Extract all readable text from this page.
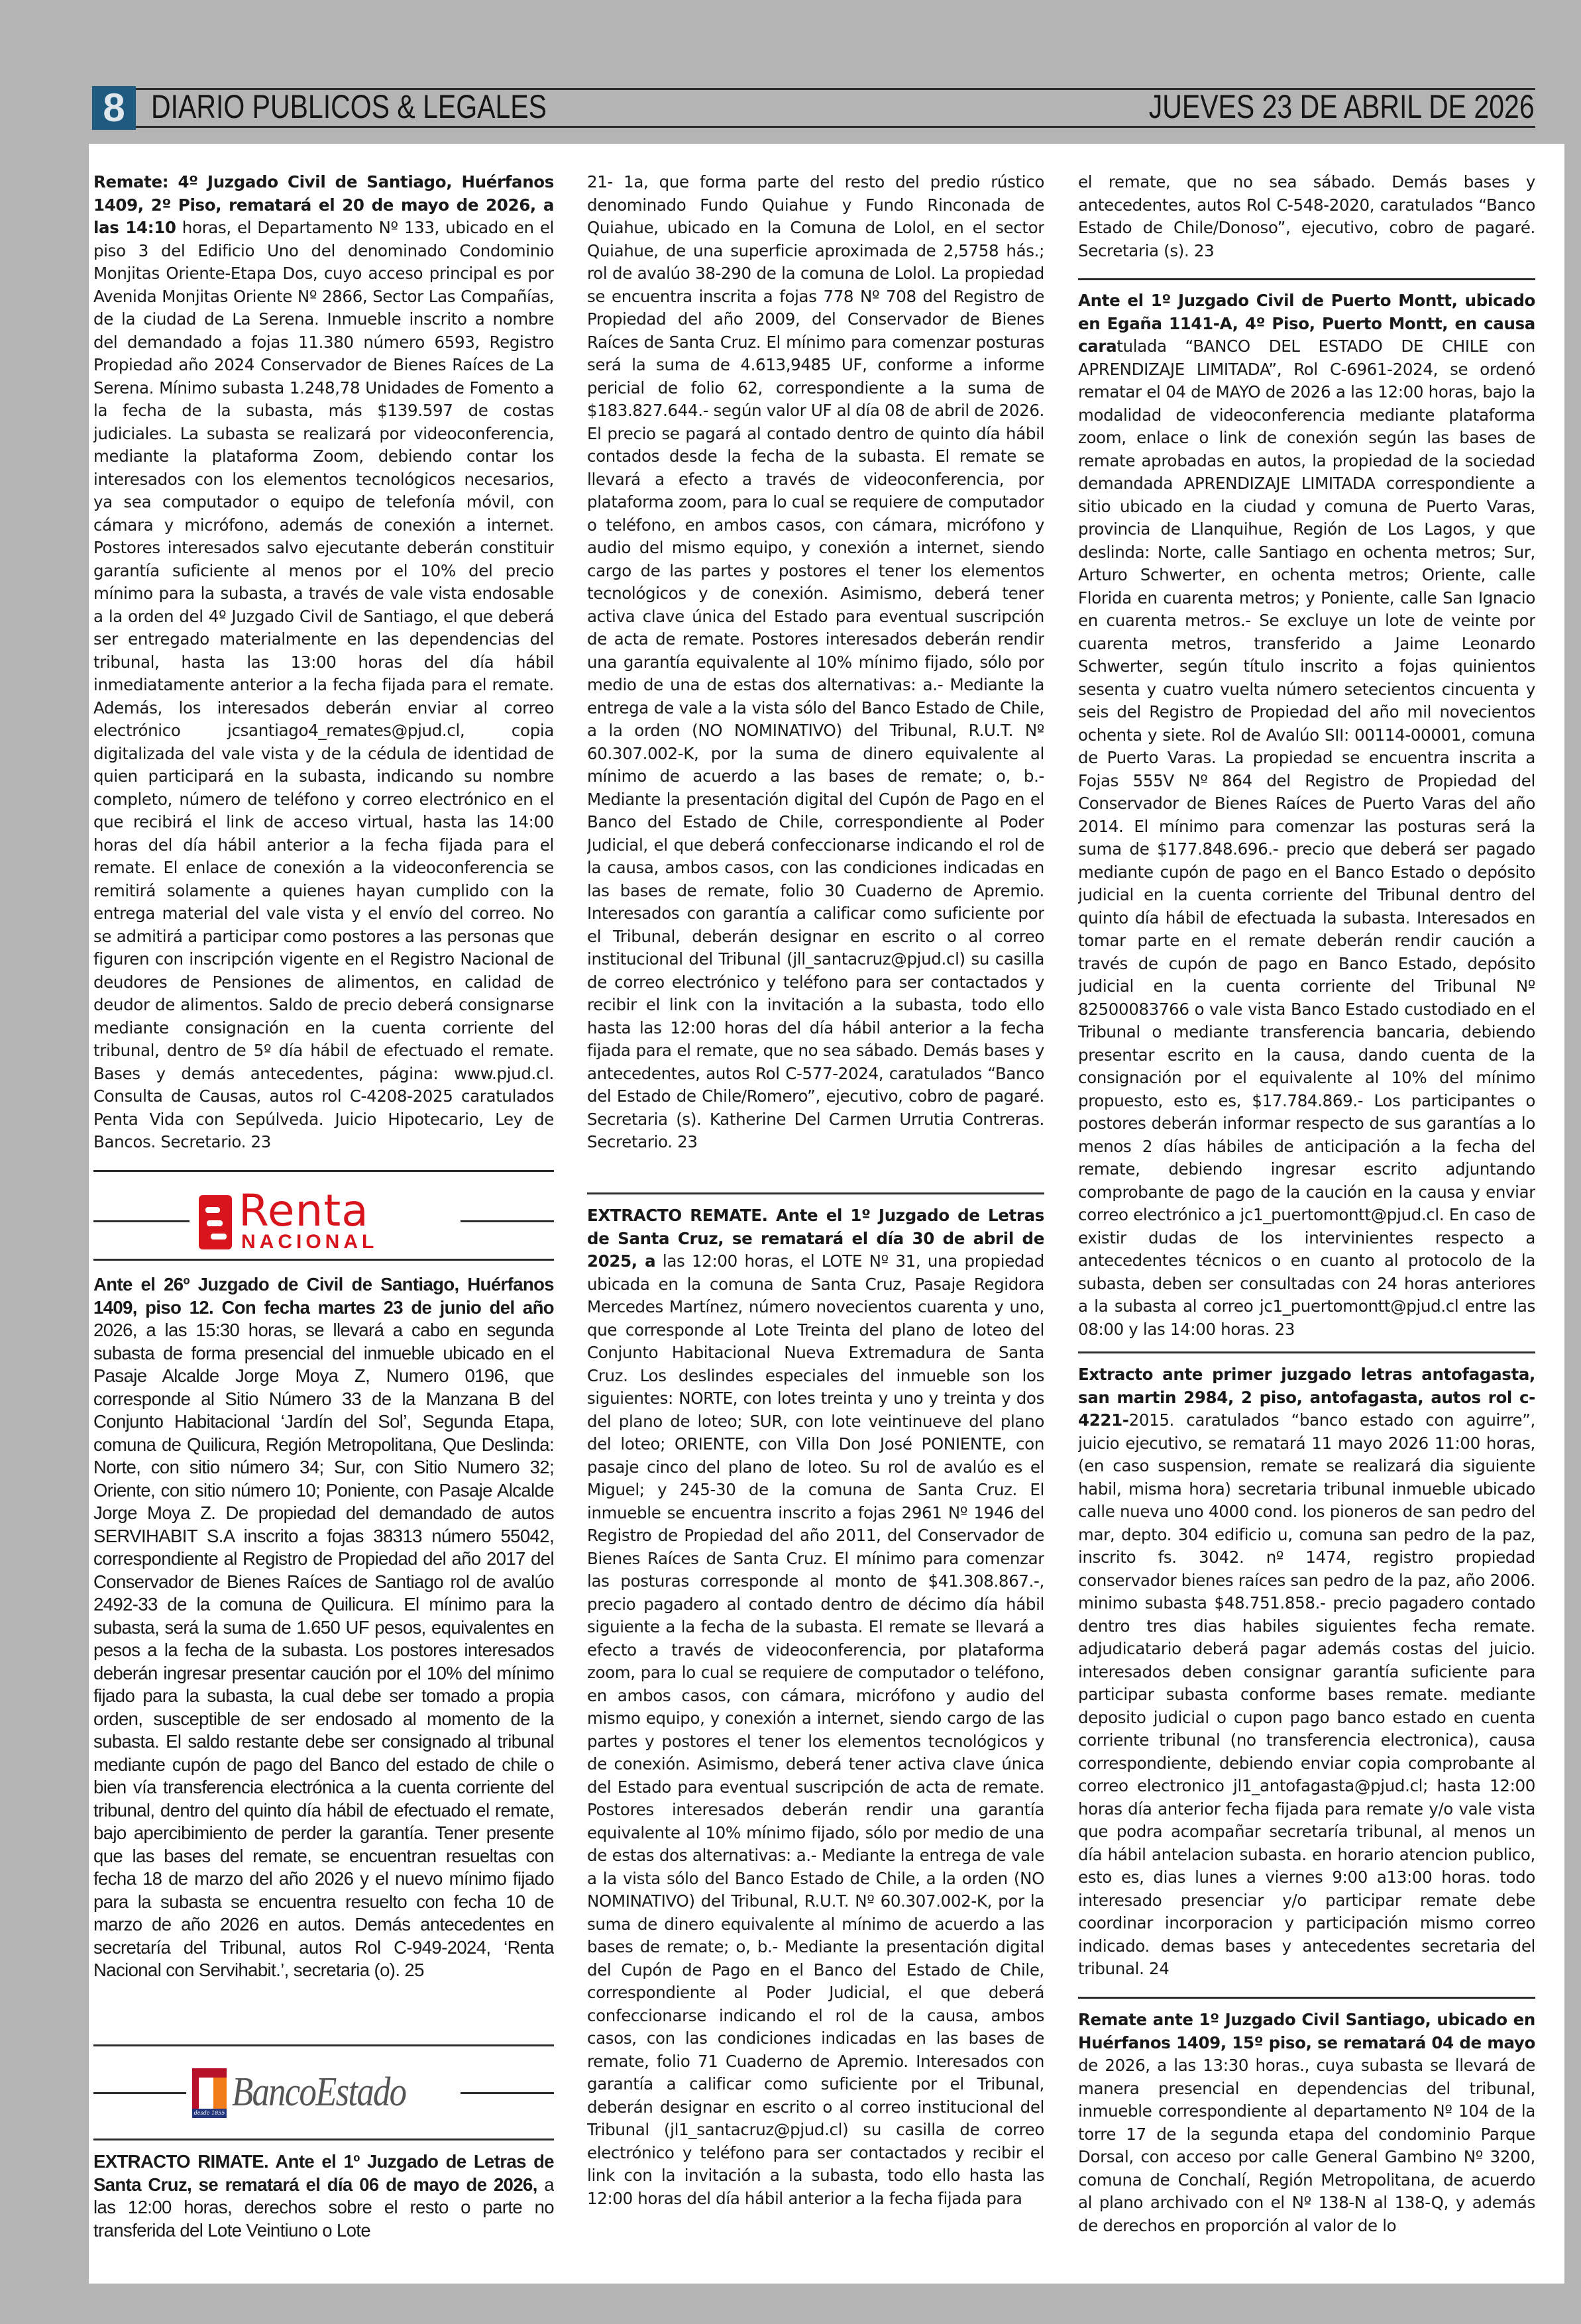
8 DIARIO PUBLICOS & LEGALES	JUEVES 23 DE ABRIL DE 2026
Remate: 4º Juzgado Civil de Santiago, Huérfanos 1409, 2º Piso, rematará el 20 de mayo de 2026, a las 14:10 horas, el Departamento Nº 133, ubicado en el piso 3 del Edificio Uno del denominado Condominio Monjitas Oriente-Etapa Dos, cuyo acceso principal es por Avenida Monjitas Oriente Nº 2866, Sector Las Compañías, de la ciudad de La Serena. Inmueble inscrito a nombre del demandado a fojas 11.380 número 6593, Registro Propiedad año 2024 Conservador de Bienes Raíces de La Serena. Mínimo subasta 1.248,78 Unidades de Fomento a la fecha de la subasta, más $139.597 de costas judiciales. La subasta se realizará por videoconferencia, mediante la plataforma Zoom, debiendo contar los interesados con los elementos tecnológicos necesarios, ya sea computador o equipo de telefonía móvil, con cámara y micrófono, además de conexión a internet. Postores interesados salvo ejecutante deberán constituir garantía suficiente al menos por el 10% del precio mínimo para la subasta, a través de vale vista endosable a la orden del 4º Juzgado Civil de Santiago, el que deberá ser entregado materialmente en las dependencias del tribunal, hasta las 13:00 horas del día hábil inmediatamente anterior a la fecha fijada para el remate. Además, los interesados deberán enviar al correo electrónico jcsantiago4_remates@pjud.cl, copia digitalizada del vale vista y de la cédula de identidad de quien participará en la subasta, indicando su nombre completo, número de teléfono y correo electrónico en el que recibirá el link de acceso virtual, hasta las 14:00 horas del día hábil anterior a la fecha fijada para el remate. El enlace de conexión a la videoconferencia se remitirá solamente a quienes hayan cumplido con la entrega material del vale vista y el envío del correo. No se admitirá a participar como postores a las personas que figuren con inscripción vigente en el Registro Nacional de deudores de Pensiones de alimentos, en calidad de deudor de alimentos. Saldo de precio deberá consignarse mediante consignación en la cuenta corriente del tribunal, dentro de 5º día hábil de efectuado el remate. Bases y demás antecedentes, página: www.pjud.cl. Consulta de Causas, autos rol C-4208-2025 caratulados Penta Vida con Sepúlveda. Juicio Hipotecario, Ley de Bancos. Secretario. 23
Renta
NACIONAL
Ante el 26º Juzgado de Civil de Santiago, Huérfanos 1409, piso 12. Con fecha martes 23 de junio del año 2026, a las 15:30 horas, se llevará a cabo en segunda subasta de forma presencial del inmueble ubicado en el Pasaje Alcalde Jorge Moya Z, Numero 0196, que corresponde al Sitio Número 33 de la Manzana B del Conjunto Habitacional ‘Jardín del Sol’, Segunda Etapa, comuna de Quilicura, Región Metropolitana, Que Deslinda: Norte, con sitio número 34; Sur, con Sitio Numero 32; Oriente, con sitio número 10; Poniente, con Pasaje Alcalde Jorge Moya Z. De propiedad del demandado de autos SERVIHABIT S.A inscrito a fojas 38313 número 55042, correspondiente al Registro de Propiedad del año 2017 del Conservador de Bienes Raíces de Santiago rol de avalúo 2492-33 de la comuna de Quilicura. El mínimo para la subasta, será la suma de 1.650 UF pesos, equivalentes en pesos a la fecha de la subasta. Los postores interesados deberán ingresar presentar caución por el 10% del mínimo fijado para la subasta, la cual debe ser tomado a propia orden, susceptible de ser endosado al momento de la subasta. El saldo restante debe ser consignado al tribunal mediante cupón de pago del Banco del estado de chile o bien vía transferencia electrónica a la cuenta corriente del tribunal, dentro del quinto día hábil de efectuado el remate, bajo apercibimiento de perder la garantía. Tener presente que las bases del remate, se encuentran resueltas con fecha 18 de marzo del año 2026 y el nuevo mínimo fijado para la subasta se encuentra resuelto con fecha 10 de marzo de año 2026 en autos. Demás antecedentes en secretaría del Tribunal, autos Rol C-949-2024, ‘Renta Nacional con Servihabit.’, secretaria (o). 25
desde 1855 BancoEstado
EXTRACTO RIMATE. Ante el 1º Juzgado de Letras de Santa Cruz, se rematará el día 06 de mayo de 2026, a las 12:00 horas, derechos sobre el resto o parte no transferida del Lote Veintiuno o Lote
21- 1a, que forma parte del resto del predio rústico denominado Fundo Quiahue y Fundo Rinconada de Quiahue, ubicado en la Comuna de Lolol, en el sector Quiahue, de una superficie aproximada de 2,5758 hás.; rol de avalúo 38-290 de la comuna de Lolol. La propiedad se encuentra inscrita a fojas 778 Nº 708 del Registro de Propiedad del año 2009, del Conservador de Bienes Raíces de Santa Cruz. El mínimo para comenzar posturas será la suma de 4.613,9485 UF, conforme a informe pericial de folio 62, correspondiente a la suma de $183.827.644.- según valor UF al día 08 de abril de 2026. El precio se pagará al contado dentro de quinto día hábil contados desde la fecha de la subasta. El remate se llevará a efecto a través de videoconferencia, por plataforma zoom, para lo cual se requiere de computador o teléfono, en ambos casos, con cámara, micrófono y audio del mismo equipo, y conexión a internet, siendo cargo de las partes y postores el tener los elementos tecnológicos y de conexión. Asimismo, deberá tener activa clave única del Estado para eventual suscripción de acta de remate. Postores interesados deberán rendir una garantía equivalente al 10% mínimo fijado, sólo por medio de una de estas dos alternativas: a.- Mediante la entrega de vale a la vista sólo del Banco Estado de Chile, a la orden (NO NOMINATIVO) del Tribunal, R.U.T. Nº 60.307.002-K, por la suma de dinero equivalente al mínimo de acuerdo a las bases de remate; o, b.- Mediante la presentación digital del Cupón de Pago en el Banco del Estado de Chile, correspondiente al Poder Judicial, el que deberá confeccionarse indicando el rol de la causa, ambos casos, con las condiciones indicadas en las bases de remate, folio 30 Cuaderno de Apremio. Interesados con garantía a calificar como suficiente por el Tribunal, deberán designar en escrito o al correo institucional del Tribunal (jll_santacruz@pjud.cl) su casilla de correo electrónico y teléfono para ser contactados y recibir el link con la invitación a la subasta, todo ello hasta las 12:00 horas del día hábil anterior a la fecha fijada para el remate, que no sea sábado. Demás bases y antecedentes, autos Rol C-577-2024, caratulados “Banco del Estado de Chile/Romero”, ejecutivo, cobro de pagaré. Secretaria (s). Katherine Del Carmen Urrutia Contreras. Secretario. 23
EXTRACTO REMATE. Ante el 1º Juzgado de Letras de Santa Cruz, se rematará el día 30 de abril de 2025, a las 12:00 horas, el LOTE Nº 31, una propiedad ubicada en la comuna de Santa Cruz, Pasaje Regidora Mercedes Martínez, número novecientos cuarenta y uno, que corresponde al Lote Treinta del plano de loteo del Conjunto Habitacional Nueva Extremadura de Santa Cruz. Los deslindes especiales del inmueble son los siguientes: NORTE, con lotes treinta y uno y treinta y dos del plano de loteo; SUR, con lote veintinueve del plano del loteo; ORIENTE, con Villa Don José PONIENTE, con pasaje cinco del plano de loteo. Su rol de avalúo es el Miguel; y 245-30 de la comuna de Santa Cruz. El inmueble se encuentra inscrito a fojas 2961 Nº 1946 del Registro de Propiedad del año 2011, del Conservador de Bienes Raíces de Santa Cruz. El mínimo para comenzar las posturas corresponde al monto de $41.308.867.-, precio pagadero al contado dentro de décimo día hábil siguiente a la fecha de la subasta. El remate se llevará a efecto a través de videoconferencia, por plataforma zoom, para lo cual se requiere de computador o teléfono, en ambos casos, con cámara, micrófono y audio del mismo equipo, y conexión a internet, siendo cargo de las partes y postores el tener los elementos tecnológicos y de conexión. Asimismo, deberá tener activa clave única del Estado para eventual suscripción de acta de remate. Postores interesados deberán rendir una garantía equivalente al 10% mínimo fijado, sólo por medio de una de estas dos alternativas: a.- Mediante la entrega de vale a la vista sólo del Banco Estado de Chile, a la orden (NO NOMINATIVO) del Tribunal, R.U.T. Nº 60.307.002-K, por la suma de dinero equivalente al mínimo de acuerdo a las bases de remate; o, b.- Mediante la presentación digital del Cupón de Pago en el Banco del Estado de Chile, correspondiente al Poder Judicial, el que deberá confeccionarse indicando el rol de la causa, ambos casos, con las condiciones indicadas en las bases de remate, folio 71 Cuaderno de Apremio. Interesados con garantía a calificar como suficiente por el Tribunal, deberán designar en escrito o al correo institucional del Tribunal (jl1_santacruz@pjud.cl) su casilla de correo electrónico y teléfono para ser contactados y recibir el link con la invitación a la subasta, todo ello hasta las 12:00 horas del día hábil anterior a la fecha fijada para
el remate, que no sea sábado. Demás bases y antecedentes, autos Rol C-548-2020, caratulados “Banco Estado de Chile/Donoso”, ejecutivo, cobro de pagaré. Secretaria (s). 23
Ante el 1º Juzgado Civil de Puerto Montt, ubicado en Egaña 1141-A, 4º Piso, Puerto Montt, en causa caratulada “BANCO DEL ESTADO DE CHILE con APRENDIZAJE LIMITADA”, Rol C-6961-2024, se ordenó rematar el 04 de MAYO de 2026 a las 12:00 horas, bajo la modalidad de videoconferencia mediante plataforma zoom, enlace o link de conexión según las bases de remate aprobadas en autos, la propiedad de la sociedad demandada APRENDIZAJE LIMITADA correspondiente a sitio ubicado en la ciudad y comuna de Puerto Varas, provincia de Llanquihue, Región de Los Lagos, y que deslinda: Norte, calle Santiago en ochenta metros; Sur, Arturo Schwerter, en ochenta metros; Oriente, calle Florida en cuarenta metros; y Poniente, calle San Ignacio en cuarenta metros.- Se excluye un lote de veinte por cuarenta metros, transferido a Jaime Leonardo Schwerter, según título inscrito a fojas quinientos sesenta y cuatro vuelta número setecientos cincuenta y seis del Registro de Propiedad del año mil novecientos ochenta y siete. Rol de Avalúo SII: 00114-00001, comuna de Puerto Varas. La propiedad se encuentra inscrita a Fojas 555V Nº 864 del Registro de Propiedad del Conservador de Bienes Raíces de Puerto Varas del año 2014. El mínimo para comenzar las posturas será la suma de $177.848.696.- precio que deberá ser pagado mediante cupón de pago en el Banco Estado o depósito judicial en la cuenta corriente del Tribunal dentro del quinto día hábil de efectuada la subasta. Interesados en tomar parte en el remate deberán rendir caución a través de cupón de pago en Banco Estado, depósito judicial en la cuenta corriente del Tribunal Nº 82500083766 o vale vista Banco Estado custodiado en el Tribunal o mediante transferencia bancaria, debiendo presentar escrito en la causa, dando cuenta de la consignación por el equivalente al 10% del mínimo propuesto, esto es, $17.784.869.- Los participantes o postores deberán informar respecto de sus garantías a lo menos 2 días hábiles de anticipación a la fecha del remate, debiendo ingresar escrito adjuntando comprobante de pago de la caución en la causa y enviar correo electrónico a jc1_puertomontt@pjud.cl. En caso de existir dudas de los intervinientes respecto a antecedentes técnicos o en cuanto al protocolo de la subasta, deben ser consultadas con 24 horas anteriores a la subasta al correo jc1_puertomontt@pjud.cl entre las 08:00 y las 14:00 horas. 23
Extracto ante primer juzgado letras antofagasta, san martin 2984, 2 piso, antofagasta, autos rol c-4221-2015. caratulados “banco estado con aguirre”, juicio ejecutivo, se rematará 11 mayo 2026 11:00 horas, (en caso suspension, remate se realizará dia siguiente habil, misma hora) secretaria tribunal inmueble ubicado calle nueva uno 4000 cond. los pioneros de san pedro del mar, depto. 304 edificio u, comuna san pedro de la paz, inscrito fs. 3042. nº 1474, registro propiedad conservador bienes raíces san pedro de la paz, año 2006. minimo subasta $48.751.858.- precio pagadero contado dentro tres dias habiles siguientes fecha remate. adjudicatario deberá pagar además costas del juicio. interesados deben consignar garantía suficiente para participar subasta conforme bases remate. mediante deposito judicial o cupon pago banco estado en cuenta corriente tribunal (no transferencia electronica), causa correspondiente, debiendo enviar copia comprobante al correo electronico jl1_antofagasta@pjud.cl; hasta 12:00 horas día anterior fecha fijada para remate y/o vale vista que podra acompañar secretaría tribunal, al menos un día hábil antelacion subasta. en horario atencion publico, esto es, dias lunes a viernes 9:00 a13:00 horas. todo interesado presenciar y/o participar remate debe coordinar incorporacion y participación mismo correo indicado. demas bases y antecedentes secretaria del tribunal. 24
Remate ante 1º Juzgado Civil Santiago, ubicado en Huérfanos 1409, 15º piso, se rematará 04 de mayo de 2026, a las 13:30 horas., cuya subasta se llevará de manera presencial en dependencias del tribunal, inmueble correspondiente al departamento Nº 104 de la torre 17 de la segunda etapa del condominio Parque Dorsal, con acceso por calle General Gambino Nº 3200, comuna de Conchalí, Región Metropolitana, de acuerdo al plano archivado con el Nº 138-N al 138-Q, y además de derechos en proporción al valor de lo
